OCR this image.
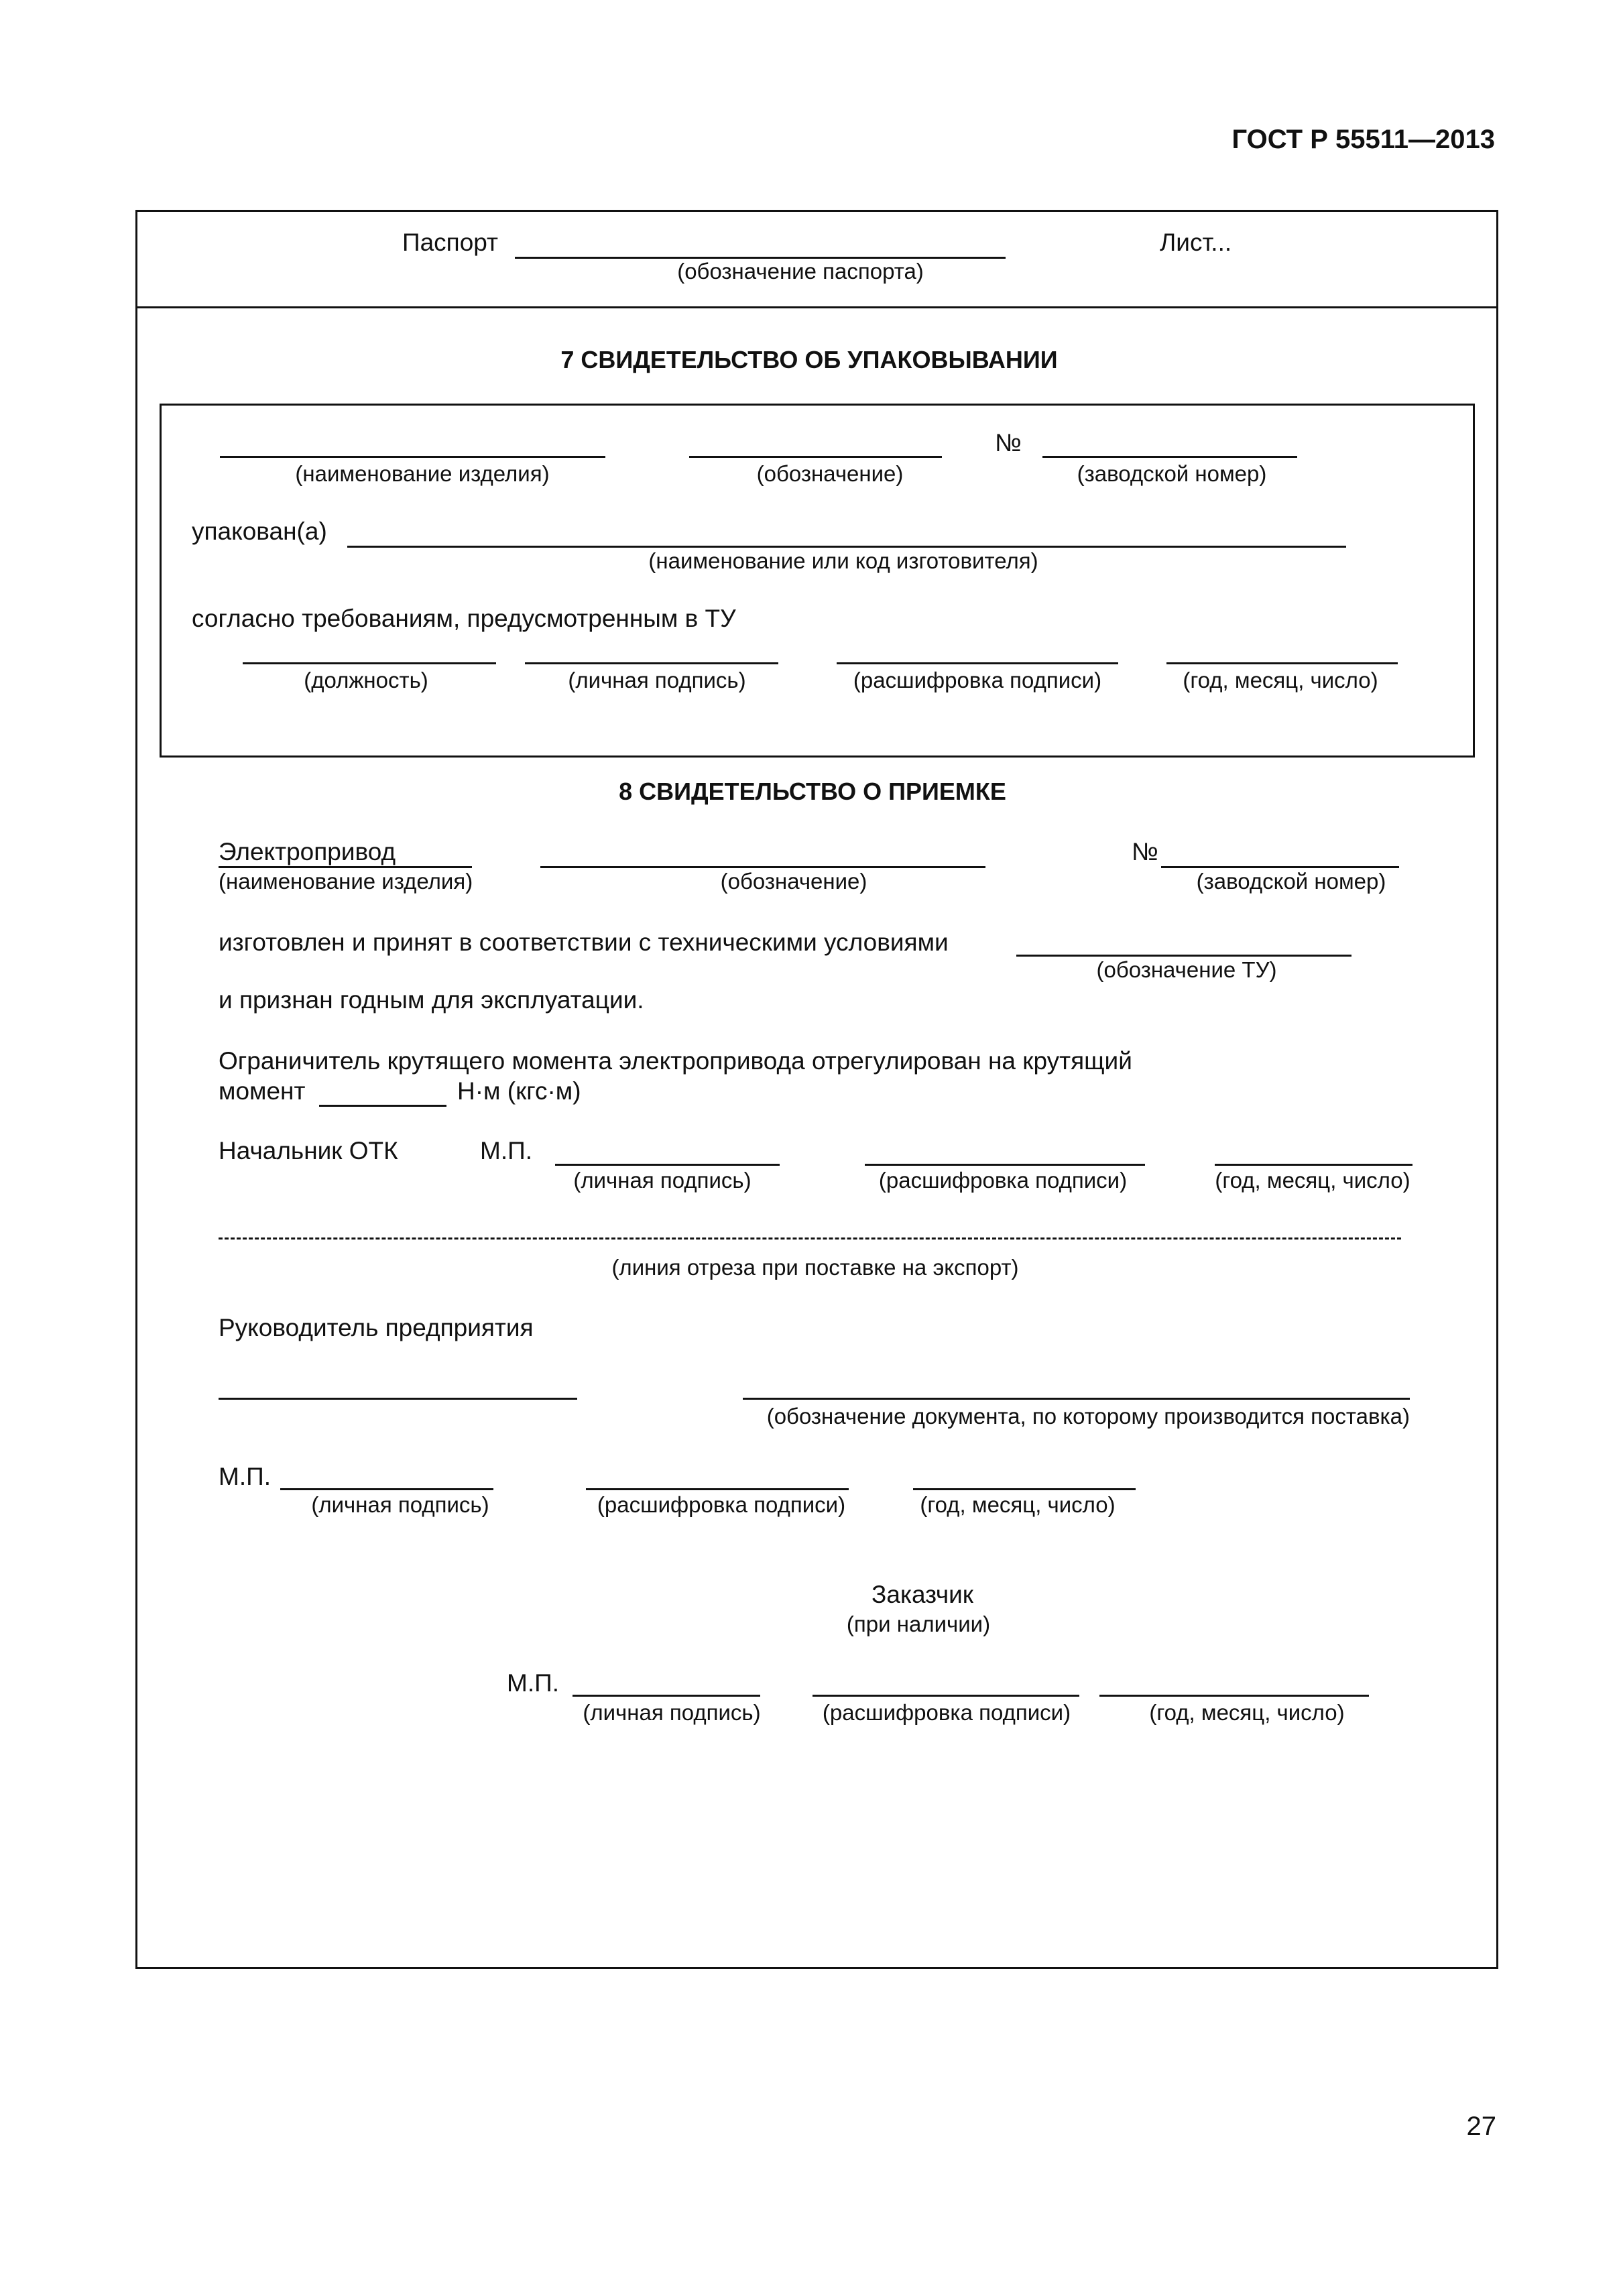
ГОСТ Р 55511—2013
Паспорт
(обозначение паспорта)
Лист...
7 СВИДЕТЕЛЬСТВО ОБ УПАКОВЫВАНИИ
(наименование изделия)	(обозначение)
№
(заводской номер)
упакован(а)
(наименование или код изготовителя)
согласно требованиям, предусмотренным в ТУ
(должность)	(личная подпись)	(расшифровка подписи)	(год, месяц, число)
8 СВИДЕТЕЛЬСТВО О ПРИЕМКЕ
Электропривод
(наименование изделия)	(обозначение)
№
(заводской номер)
изготовлен и принят в соответствии с техническими условиями
(обозначение ТУ)
и признан годным для эксплуатации.
Ограничитель крутящего момента электропривода отрегулирован на крутящий
момент	Н·м (кгс·м)
Начальник ОТК	М.П.
(личная подпись)	(расшифровка подписи)	(год, месяц, число)
(линия отреза при поставке на экспорт)
Руководитель предприятия
(обозначение документа, по которому производится поставка)
М.П.
(личная подпись)	(расшифровка подписи)	(год, месяц, число)
Заказчик
(при наличии)
М.П.
(личная подпись)	(расшифровка подписи)	(год, месяц, число)
27
